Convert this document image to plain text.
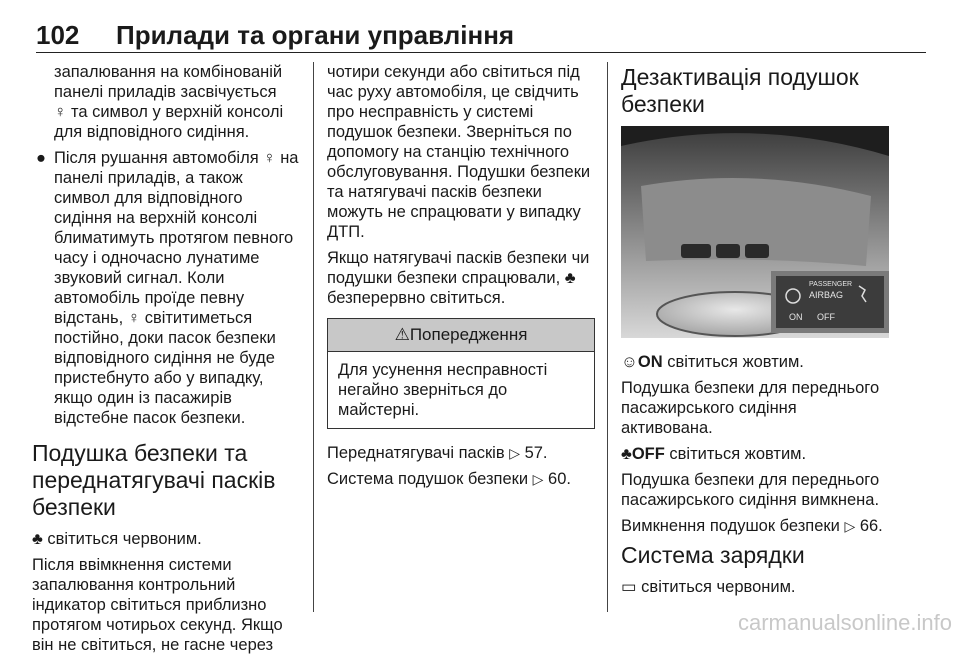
102 Прилади та органи управління

запалювання на комбінованій панелі приладів засвічується
♀ та символ у верхній консолі для відповідного сидіння.

● Після рушання автомобіля ♀ на панелі приладів, а також символ для відповідного сидіння на верхній консолі блиматимуть протягом певного часу і одночасно лунатиме звуковий сигнал. Коли автомобіль проїде певну відстань, ♀ світитиметься постійно, доки пасок безпеки відповідного сидіння не буде пристебнуто або у випадку, якщо один із пасажирів відстебне пасок безпеки.

Подушка безпеки та переднатягувачі пасків безпеки

♣ світиться червоним.

Після ввімкнення системи запалювання контрольний індикатор світиться приблизно протягом чотирьох секунд. Якщо він не світиться, не гасне через

чотири секунди або світиться під час руху автомобіля, це свідчить про несправність у системі подушок безпеки. Зверніться по допомогу на станцію технічного обслуговування. Подушки безпеки та натягувачі пасків безпеки можуть не спрацювати у випадку ДТП.

Якщо натягувачі пасків безпеки чи подушки безпеки спрацювали, ♣ безперервно світиться.

⚠Попередження

Для усунення несправності негайно зверніться до майстерні.

Переднатягувачі пасків ▷ 57.

Система подушок безпеки ▷ 60.

Дезактивація подушок безпеки
PASSENGER
AIRBAG
ON OFF

☺ON світиться жовтим.

Подушка безпеки для переднього пасажирського сидіння активована.

♣OFF світиться жовтим.

Подушка безпеки для переднього пасажирського сидіння вимкнена.

Вимкнення подушок безпеки ▷ 66.

Система зарядки

▭ світиться червоним.

carmanualsonline.info
